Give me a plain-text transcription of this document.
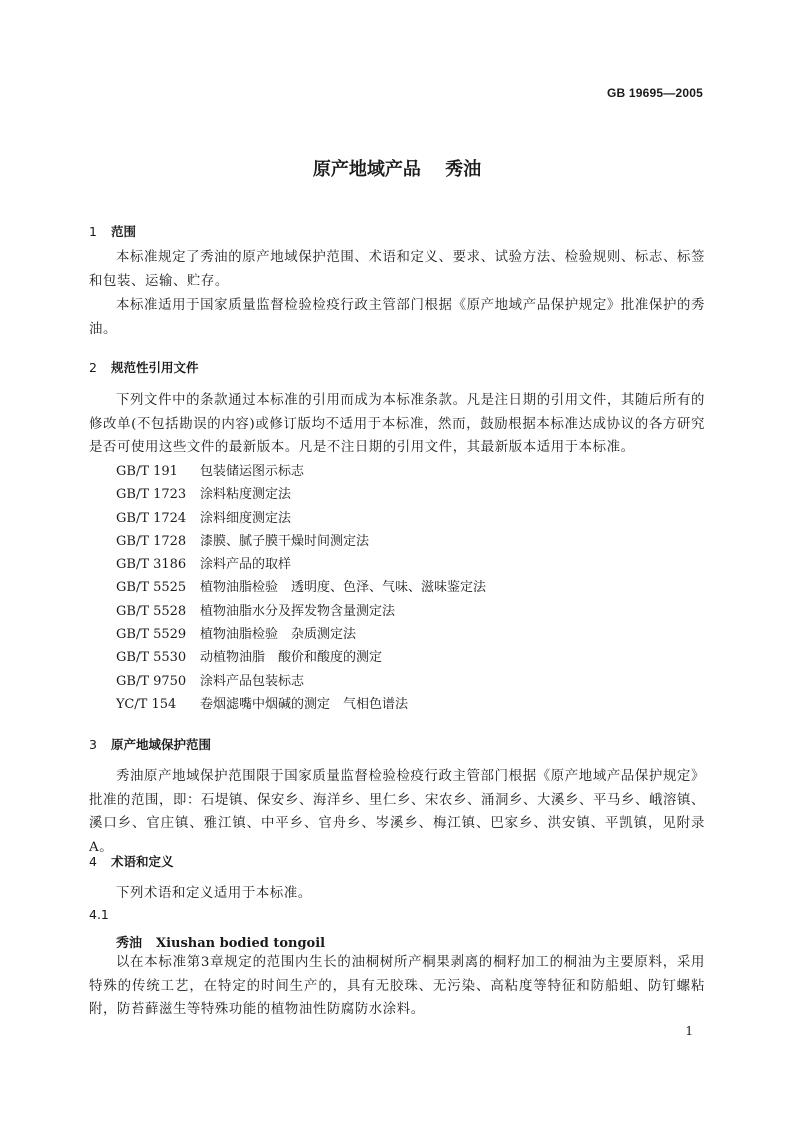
GB 19695—2005
原产地域产品 秀油
1 范围

本标准规定了秀油的原产地域保护范围、术语和定义、要求、试验方法、检验规则、标志、标签和包装、运输、贮存。

本标准适用于国家质量监督检验检疫行政主管部门根据《原产地域产品保护规定》批准保护的秀油。

2 规范性引用文件

下列文件中的条款通过本标准的引用而成为本标准条款。凡是注日期的引用文件，其随后所有的修改单(不包括勘误的内容)或修订版均不适用于本标准，然而，鼓励根据本标准达成协议的各方研究是否可使用这些文件的最新版本。凡是不注日期的引用文件，其最新版本适用于本标准。

GB/T 191 包装储运图示标志
GB/T 1723 涂料粘度测定法
GB/T 1724 涂料细度测定法
GB/T 1728 漆膜、腻子膜干燥时间测定法
GB/T 3186 涂料产品的取样
GB/T 5525 植物油脂检验　透明度、色泽、气味、滋味鉴定法
GB/T 5528 植物油脂水分及挥发物含量测定法
GB/T 5529 植物油脂检验　杂质测定法
GB/T 5530 动植物油脂　酸价和酸度的测定
GB/T 9750 涂料产品包装标志
YC/T 154 卷烟滤嘴中烟碱的测定　气相色谱法
3 原产地域保护范围

秀油原产地域保护范围限于国家质量监督检验检疫行政主管部门根据《原产地域产品保护规定》批准的范围，即：石堤镇、保安乡、海洋乡、里仁乡、宋农乡、涌洞乡、大溪乡、平马乡、峨溶镇、溪口乡、官庄镇、雅江镇、中平乡、官舟乡、岑溪乡、梅江镇、巴家乡、洪安镇、平凯镇，见附录A。

4 术语和定义

下列术语和定义适用于本标准。

4.1
秀油 Xiushan bodied tongoil

以在本标准第3章规定的范围内生长的油桐树所产桐果剥离的桐籽加工的桐油为主要原料，采用特殊的传统工艺，在特定的时间生产的，具有无胶珠、无污染、高粘度等特征和防船蛆、防钉螺粘附，防苔藓滋生等特殊功能的植物油性防腐防水涂料。

1
